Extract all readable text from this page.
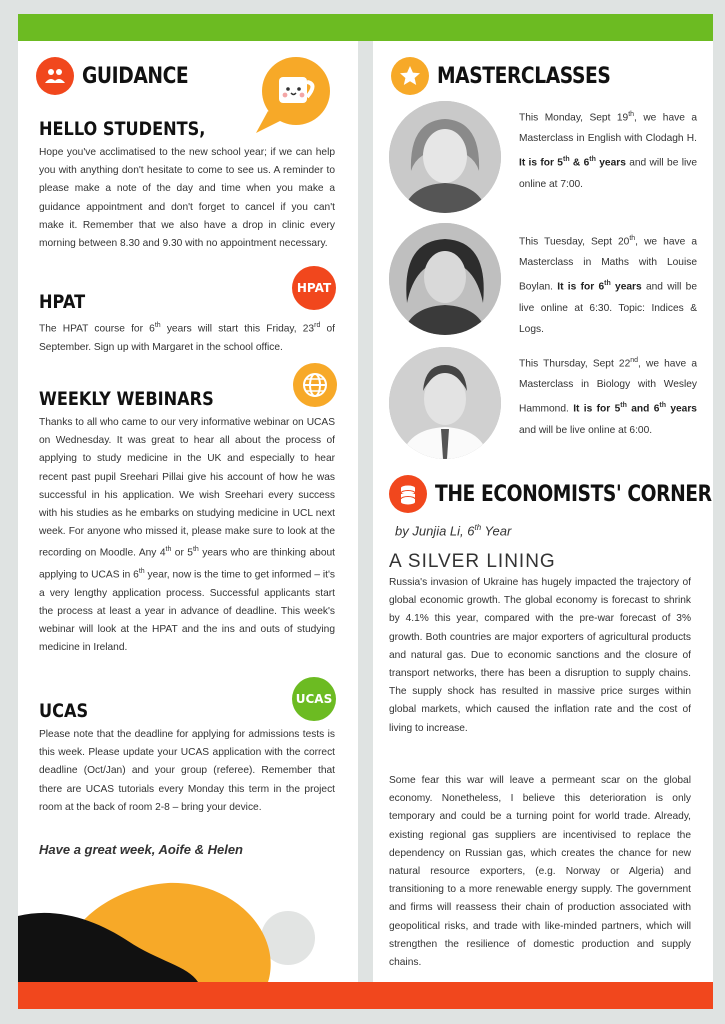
GUIDANCE
HELLO STUDENTS,
Hope you've acclimatised to the new school year; if we can help you with anything don't hesitate to come to see us. A reminder to please make a note of the day and time when you make a guidance appointment and don't forget to cancel if you can't make it. Remember that we also have a drop in clinic every morning between 8.30 and 9.30 with no appointment necessary.
HPAT
HPAT
The HPAT course for 6th years will start this Friday, 23rd of September. Sign up with Margaret in the school office.
WEEKLY WEBINARS
Thanks to all who came to our very informative webinar on UCAS on Wednesday. It was great to hear all about the process of applying to study medicine in the UK and especially to hear recent past pupil Sreehari Pillai give his account of how he was successful in his application. We wish Sreehari every success with his studies as he embarks on studying medicine in UCL next week. For anyone who missed it, please make sure to look at the recording on Moodle. Any 4th or 5th years who are thinking about applying to UCAS in 6th year, now is the time to get informed – it's a very lengthy application process. Successful applicants start the process at least a year in advance of deadline. This week's webinar will look at the HPAT and the ins and outs of studying medicine in Ireland.
UCAS
UCAS
Please note that the deadline for applying for admissions tests is this week. Please update your UCAS application with the correct deadline (Oct/Jan) and your group (referee). Remember that there are UCAS tutorials every Monday this term in the project room at the back of room 2-8 – bring your device.
Have a great week, Aoife & Helen
MASTERCLASSES
This Monday, Sept 19th, we have a Masterclass in English with Clodagh H. It is for 5th & 6th years and will be live online at 7:00.
This Tuesday, Sept 20th, we have a Masterclass in Maths with Louise Boylan. It is for 6th years and will be live online at 6:30. Topic: Indices & Logs.
This Thursday, Sept 22nd, we have a Masterclass in Biology with Wesley Hammond. It is for 5th and 6th years and will be live online at 6:00.
THE ECONOMISTS' CORNER
by Junjia Li, 6th Year
A SILVER LINING
Russia's invasion of Ukraine has hugely impacted the trajectory of global economic growth. The global economy is forecast to shrink by 4.1% this year, compared with the pre-war forecast of 3% growth. Both countries are major exporters of agricultural products and natural gas. Due to economic sanctions and the closure of transport networks, there has been a disruption to supply chains. The supply shock has resulted in massive price surges within global markets, which caused the inflation rate and the cost of living to increase.
Some fear this war will leave a permeant scar on the global economy. Nonetheless, I believe this deterioration is only temporary and could be a turning point for world trade. Already, existing regional gas suppliers are incentivised to replace the dependency on Russian gas, which creates the chance for new natural resource exporters, (e.g. Norway or Algeria) and transitioning to a more renewable energy supply. The government and firms will reassess their chain of production associated with geopolitical risks, and trade with like-minded partners, which will strengthen the resilience of domestic production and supply chains.
